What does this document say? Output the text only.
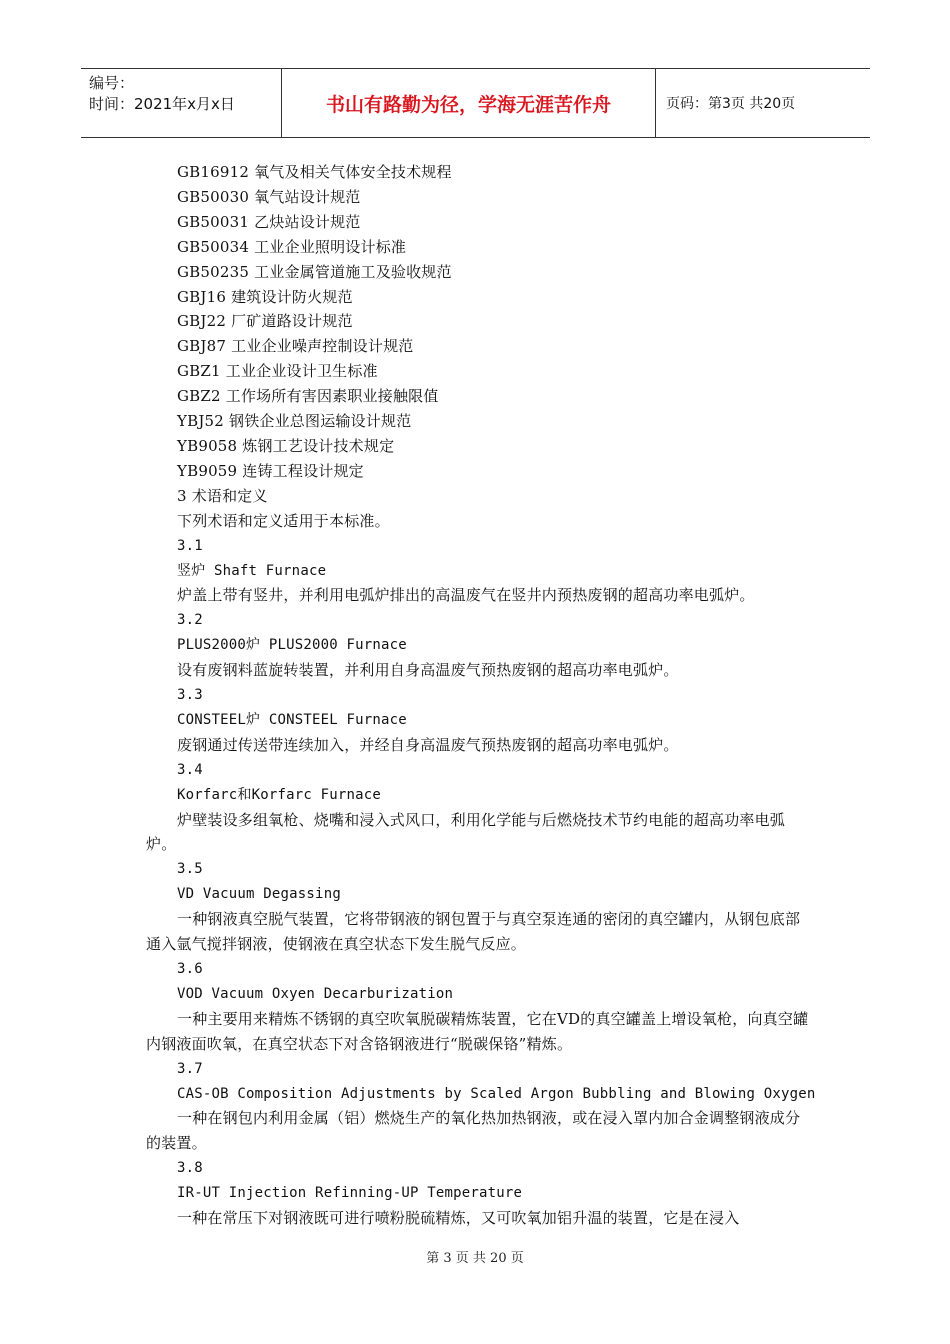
编号：
时间：2021年x月x日	书山有路勤为径，学海无涯苦作舟	页码：第3页 共20页
GB16912 氧气及相关气体安全技术规程
GB50030 氧气站设计规范
GB50031 乙炔站设计规范
GB50034 工业企业照明设计标准
GB50235 工业金属管道施工及验收规范
GBJ16 建筑设计防火规范
GBJ22 厂矿道路设计规范
GBJ87 工业企业噪声控制设计规范
GBZ1 工业企业设计卫生标准
GBZ2 工作场所有害因素职业接触限值
YBJ52 钢铁企业总图运输设计规范
YB9058 炼钢工艺设计技术规定
YB9059 连铸工程设计规定
3 术语和定义
下列术语和定义适用于本标准。
3.1
竖炉 Shaft Furnace
炉盖上带有竖井，并利用电弧炉排出的高温废气在竖井内预热废钢的超高功率电弧炉。
3.2
PLUS2000炉 PLUS2000 Furnace
设有废钢料蓝旋转装置，并利用自身高温废气预热废钢的超高功率电弧炉。
3.3
CONSTEEL炉 CONSTEEL Furnace
废钢通过传送带连续加入，并经自身高温废气预热废钢的超高功率电弧炉。
3.4
Korfarc和Korfarc Furnace
炉壁装设多组氧枪、烧嘴和浸入式风口，利用化学能与后燃烧技术节约电能的超高功率电弧炉。
3.5
VD Vacuum Degassing
一种钢液真空脱气装置，它将带钢液的钢包置于与真空泵连通的密闭的真空罐内，从钢包底部通入氩气搅拌钢液，使钢液在真空状态下发生脱气反应。
3.6
VOD Vacuum Oxyen Decarburization
一种主要用来精炼不锈钢的真空吹氧脱碳精炼装置，它在VD的真空罐盖上增设氧枪，向真空罐内钢液面吹氧，在真空状态下对含铬钢液进行“脱碳保铬”精炼。
3.7
CAS-OB Composition Adjustments by Scaled Argon Bubbling and Blowing Oxygen
一种在钢包内利用金属（铝）燃烧生产的氧化热加热钢液，或在浸入罩内加合金调整钢液成分的装置。
3.8
IR-UT Injection Refinning-UP Temperature
一种在常压下对钢液既可进行喷粉脱硫精炼，又可吹氧加铝升温的装置，它是在浸入
第 3 页 共 20 页
